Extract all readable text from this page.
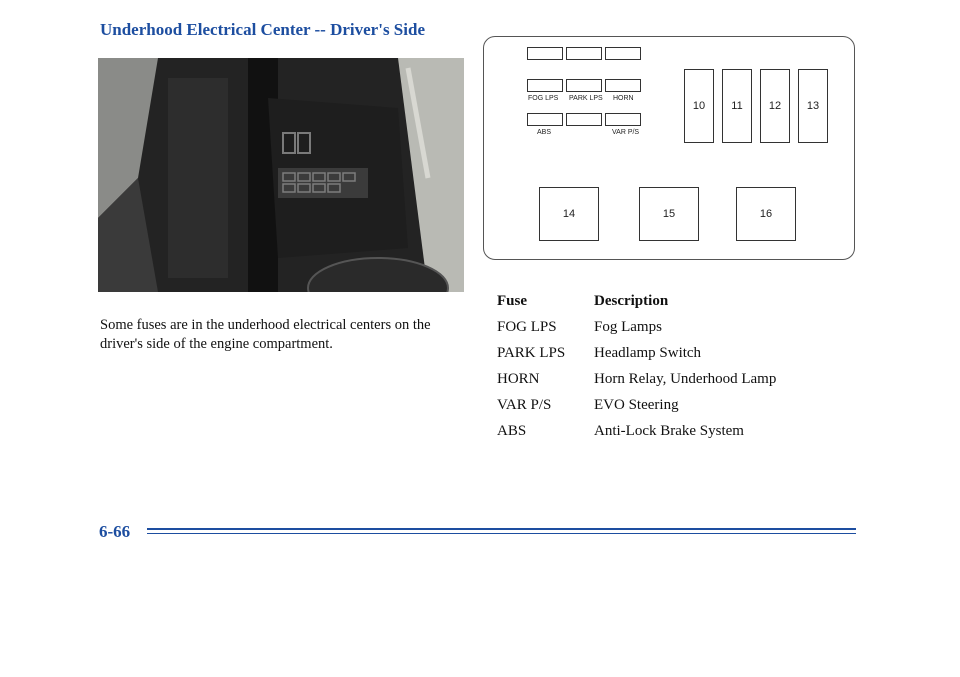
Underhood Electrical Center -- Driver's Side
Some fuses are in the underhood electrical centers on the driver's side of the engine compartment.
FOG LPS PARK LPS HORN
ABS	VAR P/S
10	11	12	13
14	15	16
Fuse	Description
FOG LPS Fog Lamps
PARK LPS Headlamp Switch
HORN	Horn Relay, Underhood Lamp
VAR P/S	EVO Steering
ABS	Anti-Lock Brake System
6-66
